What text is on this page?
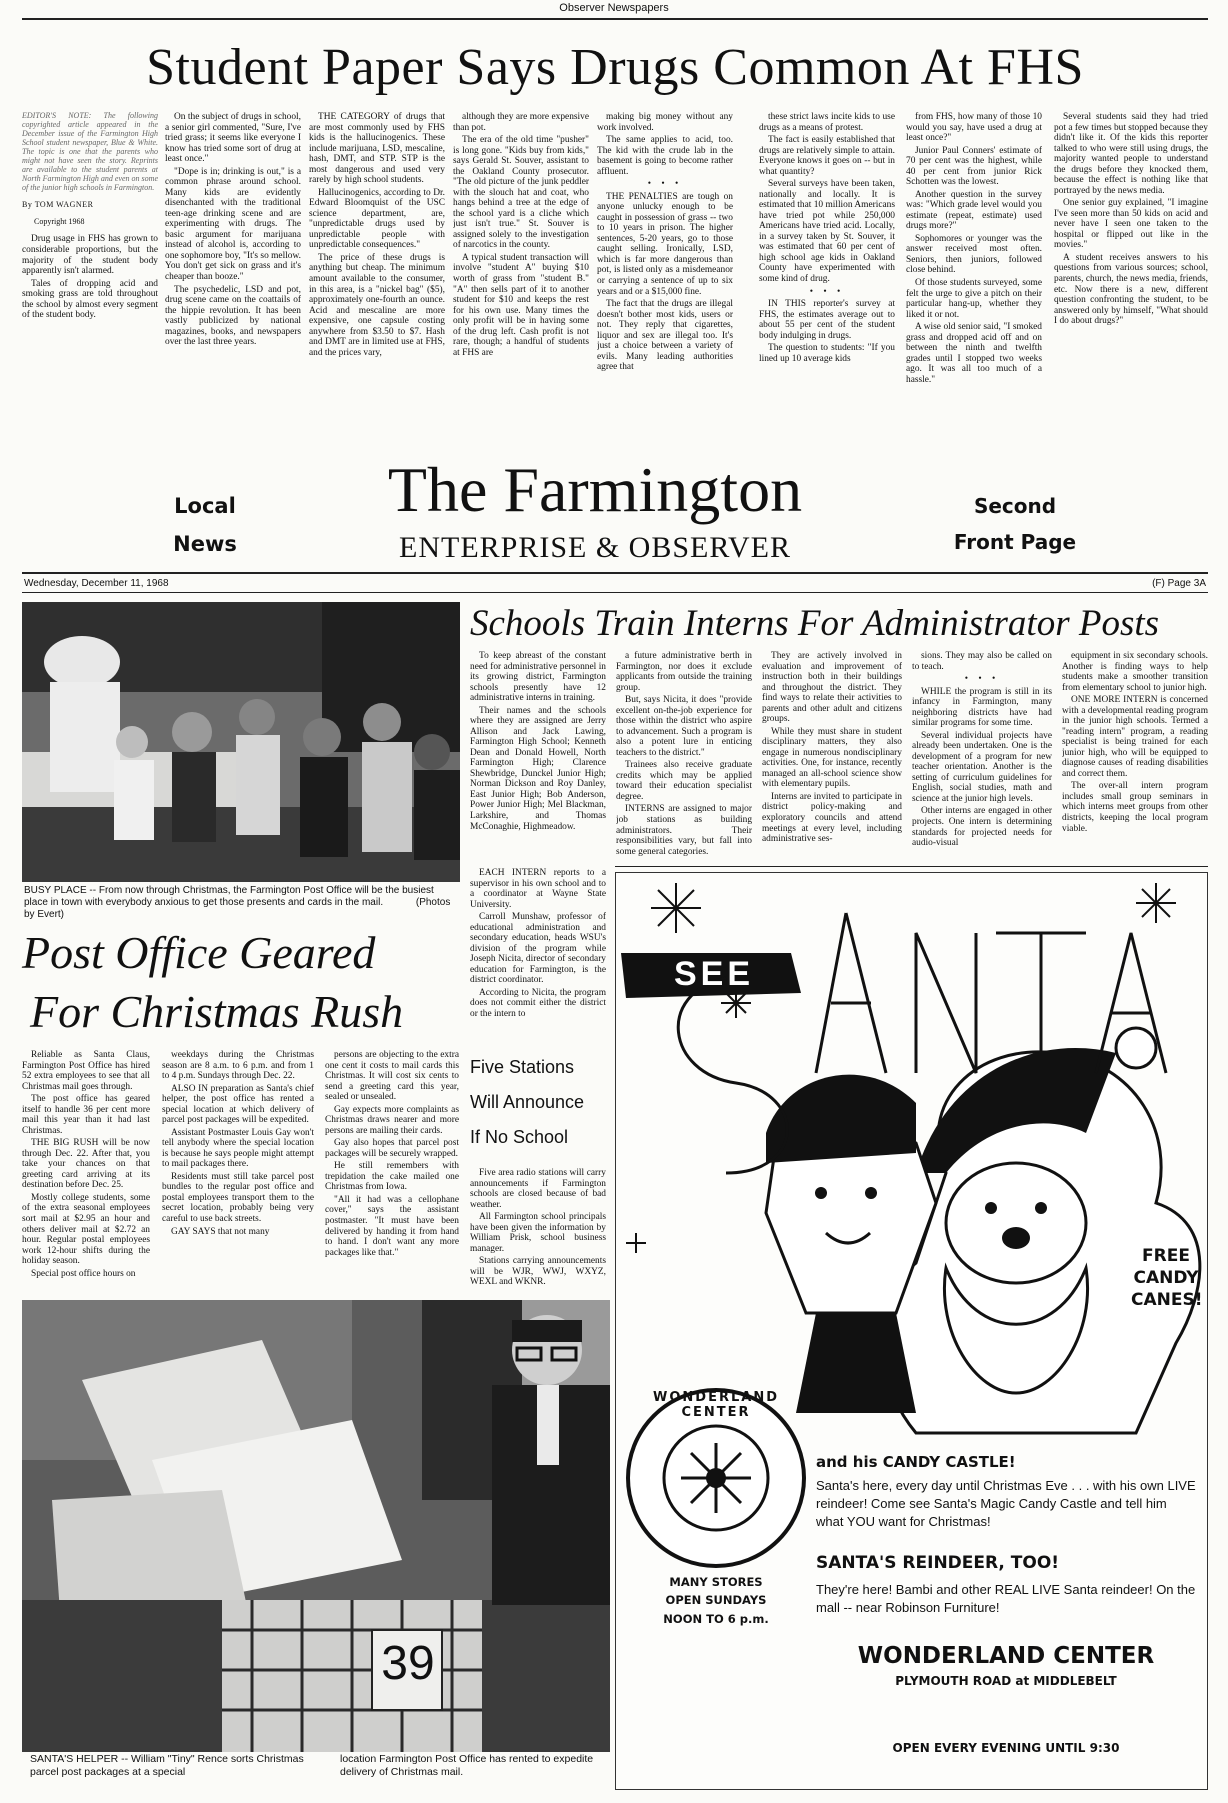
Observer Newspapers
Student Paper Says Drugs Common At FHS

EDITOR'S NOTE: The following copyrighted article appeared in the December issue of the Farmington High School student newspaper, Blue & White. The topic is one that the parents who might not have seen the story. Reprints are available to the student parents at North Farmington High and even on some of the junior high schools in Farmington.

By TOM WAGNER

Copyright 1968

Drug usage in FHS has grown to considerable proportions, but the majority of the student body apparently isn't alarmed.

Tales of dropping acid and smoking grass are told throughout the school by almost every segment of the student body.

On the subject of drugs in school, a senior girl commented, "Sure, I've tried grass; it seems like everyone I know has tried some sort of drug at least once."

"Dope is in; drinking is out," is a common phrase around school. Many kids are evidently disenchanted with the traditional teen-age drinking scene and are experimenting with drugs. The basic argument for marijuana instead of alcohol is, according to one sophomore boy, "It's so mellow. You don't get sick on grass and it's cheaper than booze."

The psychedelic, LSD and pot, drug scene came on the coattails of the hippie revolution. It has been vastly publicized by national magazines, books, and newspapers over the last three years.

THE CATEGORY of drugs that are most commonly used by FHS kids is the hallucinogenics. These include marijuana, LSD, mescaline, hash, DMT, and STP. STP is the most dangerous and used very rarely by high school students.

Hallucinogenics, according to Dr. Edward Bloomquist of the USC science department, are, "unpredictable drugs used by unpredictable people with unpredictable consequences."

The price of these drugs is anything but cheap. The minimum amount available to the consumer, in this area, is a "nickel bag" ($5), approximately one-fourth an ounce. Acid and mescaline are more expensive, one capsule costing anywhere from $3.50 to $7. Hash and DMT are in limited use at FHS, and the prices vary,

although they are more expensive than pot.

The era of the old time "pusher" is long gone. "Kids buy from kids," says Gerald St. Souver, assistant to the Oakland County prosecutor. "The old picture of the junk peddler with the slouch hat and coat, who hangs behind a tree at the edge of the school yard is a cliche which just isn't true." St. Souver is assigned solely to the investigation of narcotics in the county.

A typical student transaction will involve "student A" buying $10 worth of grass from "student B." "A" then sells part of it to another student for $10 and keeps the rest for his own use. Many times the only profit will be in having some of the drug left. Cash profit is not rare, though; a handful of students at FHS are

making big money without any work involved.

The same applies to acid, too. The kid with the crude lab in the basement is going to become rather affluent.

• • •

THE PENALTIES are tough on anyone unlucky enough to be caught in possession of grass -- two to 10 years in prison. The higher sentences, 5-20 years, go to those caught selling. Ironically, LSD, which is far more dangerous than pot, is listed only as a misdemeanor or carrying a sentence of up to six years and or a $15,000 fine.

The fact that the drugs are illegal doesn't bother most kids, users or not. They reply that cigarettes, liquor and sex are illegal too. It's just a choice between a variety of evils. Many leading authorities agree that

these strict laws incite kids to use drugs as a means of protest.

The fact is easily established that drugs are relatively simple to attain. Everyone knows it goes on -- but in what quantity?

Several surveys have been taken, nationally and locally. It is estimated that 10 million Americans have tried pot while 250,000 Americans have tried acid. Locally, in a survey taken by St. Souver, it was estimated that 60 per cent of high school age kids in Oakland County have experimented with some kind of drug.

• • •

IN THIS reporter's survey at FHS, the estimates average out to about 55 per cent of the student body indulging in drugs.

The question to students: "If you lined up 10 average kids

from FHS, how many of those 10 would you say, have used a drug at least once?"

Junior Paul Conners' estimate of 70 per cent was the highest, while 40 per cent from junior Rick Schotten was the lowest.

Another question in the survey was: "Which grade level would you estimate (repeat, estimate) used drugs more?"

Sophomores or younger was the answer received most often. Seniors, then juniors, followed close behind.

Of those students surveyed, some felt the urge to give a pitch on their particular hang-up, whether they liked it or not.

A wise old senior said, "I smoked grass and dropped acid off and on between the ninth and twelfth grades until I stopped two weeks ago. It was all too much of a hassle."

Several students said they had tried pot a few times but stopped because they didn't like it. Of the kids this reporter talked to who were still using drugs, the majority wanted people to understand the drugs before they knocked them, because the effect is nothing like that portrayed by the news media.

One senior guy explained, "I imagine I've seen more than 50 kids on acid and never have I seen one taken to the hospital or flipped out like in the movies."

A student receives answers to his questions from various sources; school, parents, church, the news media, friends, etc. Now there is a new, different question confronting the student, to be answered only by himself, "What should I do about drugs?"

Local
News
The Farmington
ENTERPRISE & OBSERVER
Second
Front Page
Wednesday, December 11, 1968	(F) Page 3A
BUSY PLACE -- From now through Christmas, the Farmington Post Office will be the busiest place in town with everybody anxious to get those presents and cards in the mail.	(Photos by Evert)
Post Office Geared
For Christmas Rush

Reliable as Santa Claus, Farmington Post Office has hired 52 extra employees to see that all Christmas mail goes through.

The post office has geared itself to handle 36 per cent more mail this year than it had last Christmas.

THE BIG RUSH will be now through Dec. 22. After that, you take your chances on that greeting card arriving at its destination before Dec. 25.

Mostly college students, some of the extra seasonal employees sort mail at $2.95 an hour and others deliver mail at $2.72 an hour. Regular postal employees work 12-hour shifts during the holiday season.

Special post office hours on

weekdays during the Christmas season are 8 a.m. to 6 p.m. and from 1 to 4 p.m. Sundays through Dec. 22.

ALSO IN preparation as Santa's chief helper, the post office has rented a special location at which delivery of parcel post packages will be expedited.

Assistant Postmaster Louis Gay won't tell anybody where the special location is because he says people might attempt to mail packages there.

Residents must still take parcel post bundles to the regular post office and postal employees transport them to the secret location, probably being very careful to use back streets.

GAY SAYS that not many

persons are objecting to the extra one cent it costs to mail cards this Christmas. It will cost six cents to send a greeting card this year, sealed or unsealed.

Gay expects more complaints as Christmas draws nearer and more persons are mailing their cards.

Gay also hopes that parcel post packages will be securely wrapped.

He still remembers with trepidation the cake mailed one Christmas from Iowa.

"All it had was a cellophane cover," says the assistant postmaster. "It must have been delivered by handing it from hand to hand. I don't want any more packages like that."

39
SANTA'S HELPER -- William "Tiny" Rence sorts Christmas parcel post packages at a special
location Farmington Post Office has rented to expedite delivery of Christmas mail.
Schools Train Interns For Administrator Posts

To keep abreast of the constant need for administrative personnel in its growing district, Farmington schools presently have 12 administrative interns in training.

Their names and the schools where they are assigned are Jerry Allison and Jack Lawing, Farmington High School; Kenneth Dean and Donald Howell, North Farmington High; Clarence Shewbridge, Dunckel Junior High; Norman Dickson and Roy Danley, East Junior High; Bob Anderson, Power Junior High; Mel Blackman, Larkshire, and Thomas McConaghie, Highmeadow.

EACH INTERN reports to a supervisor in his own school and to a coordinator at Wayne State University.

Carroll Munshaw, professor of educational administration and secondary education, heads WSU's division of the program while Joseph Nicita, director of secondary education for Farmington, is the district coordinator.

According to Nicita, the program does not commit either the district or the intern to

a future administrative berth in Farmington, nor does it exclude applicants from outside the training group.

But, says Nicita, it does "provide excellent on-the-job experience for those within the district who aspire to advancement. Such a program is also a potent lure in enticing teachers to the district."

Trainees also receive graduate credits which may be applied toward their education specialist degree.

INTERNS are assigned to major job stations as building administrators. Their responsibilities vary, but fall into some general categories.

They are actively involved in evaluation and improvement of instruction both in their buildings and throughout the district. They find ways to relate their activities to parents and other adult and citizens groups.

While they must share in student disciplinary matters, they also engage in numerous nondisciplinary activities. One, for instance, recently managed an all-school science show with elementary pupils.

Interns are invited to participate in district policy-making and exploratory councils and attend meetings at every level, including administrative ses-

sions. They may also be called on to teach.

• • •

WHILE the program is still in its infancy in Farmington, many neighboring districts have had similar programs for some time.

Several individual projects have already been undertaken. One is the development of a program for new teacher orientation. Another is the setting of curriculum guidelines for English, social studies, math and science at the junior high levels.

Other interns are engaged in other projects. One intern is determining standards for projected needs for audio-visual

equipment in six secondary schools. Another is finding ways to help students make a smoother transition from elementary school to junior high.

ONE MORE INTERN is concerned with a developmental reading program in the junior high schools. Termed a "reading intern" program, a reading specialist is being trained for each junior high, who will be equipped to diagnose causes of reading disabilities and correct them.

The over-all intern program includes small group seminars in which interns meet groups from other districts, keeping the local program viable.

Five Stations
Will Announce
If No School

Five area radio stations will carry announcements if Farmington schools are closed because of bad weather.

All Farmington school principals have been given the information by William Prisk, school business manager.

Stations carrying announcements will be WJR, WWJ, WXYZ, WEXL and WKNR.

SEE
FREE CANDY CANES!
and his CANDY CASTLE!
Santa's here, every day until Christmas Eve . . . with his own LIVE reindeer! Come see Santa's Magic Candy Castle and tell him what YOU want for Christmas!
SANTA'S REINDEER, TOO!
They're here! Bambi and other REAL LIVE Santa reindeer! On the mall -- near Robinson Furniture!
WONDERLAND CENTER
MANY STORES
OPEN SUNDAYS
NOON TO 6 p.m.
WONDERLAND CENTER
PLYMOUTH ROAD at MIDDLEBELT
OPEN EVERY EVENING UNTIL 9:30
